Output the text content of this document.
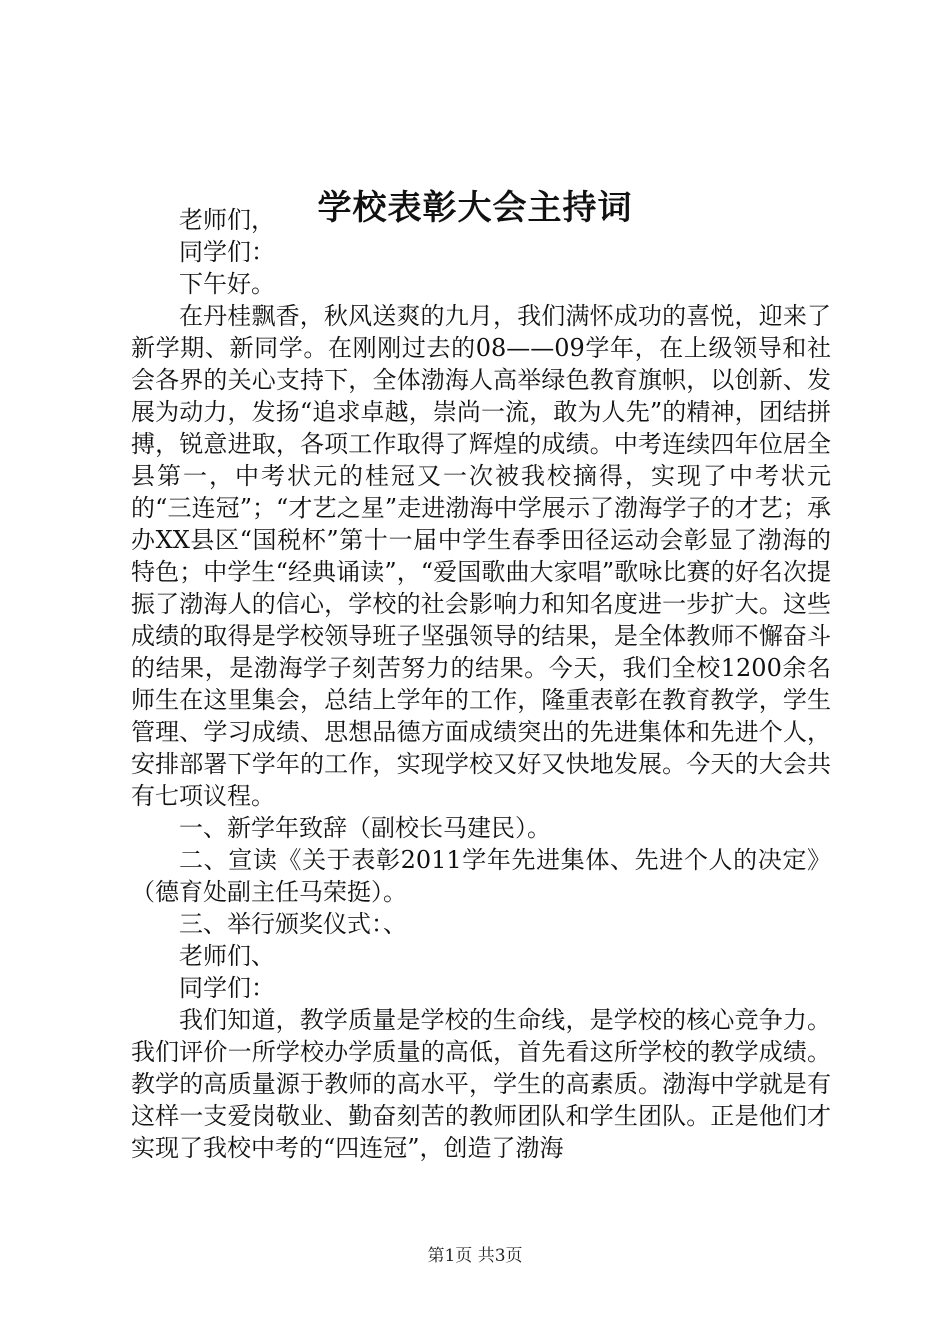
学校表彰大会主持词

老师们，

同学们：

下午好。

在丹桂飘香，秋风送爽的九月，我们满怀成功的喜悦，迎来了新学期、新同学。在刚刚过去的08——09学年，在上级领导和社会各界的关心支持下，全体渤海人高举绿色教育旗帜，以创新、发展为动力，发扬“追求卓越，崇尚一流，敢为人先”的精神，团结拼搏，锐意进取，各项工作取得了辉煌的成绩。中考连续四年位居全县第一，中考状元的桂冠又一次被我校摘得，实现了中考状元的“三连冠”；“才艺之星”走进渤海中学展示了渤海学子的才艺；承办XX县区“国税杯”第十一届中学生春季田径运动会彰显了渤海的特色；中学生“经典诵读”，“爱国歌曲大家唱”歌咏比赛的好名次提振了渤海人的信心，学校的社会影响力和知名度进一步扩大。这些成绩的取得是学校领导班子坚强领导的结果，是全体教师不懈奋斗的结果，是渤海学子刻苦努力的结果。今天，我们全校1200余名师生在这里集会，总结上学年的工作，隆重表彰在教育教学，学生管理、学习成绩、思想品德方面成绩突出的先进集体和先进个人，安排部署下学年的工作，实现学校又好又快地发展。今天的大会共有七项议程。

一、新学年致辞（副校长马建民）。

二、宣读《关于表彰2011学年先进集体、先进个人的决定》（德育处副主任马荣挺）。

三、举行颁奖仪式：、

老师们、

同学们：

我们知道，教学质量是学校的生命线，是学校的核心竞争力。我们评价一所学校办学质量的高低，首先看这所学校的教学成绩。教学的高质量源于教师的高水平，学生的高素质。渤海中学就是有这样一支爱岗敬业、勤奋刻苦的教师团队和学生团队。正是他们才实现了我校中考的“四连冠”，创造了渤海

第1页 共3页
